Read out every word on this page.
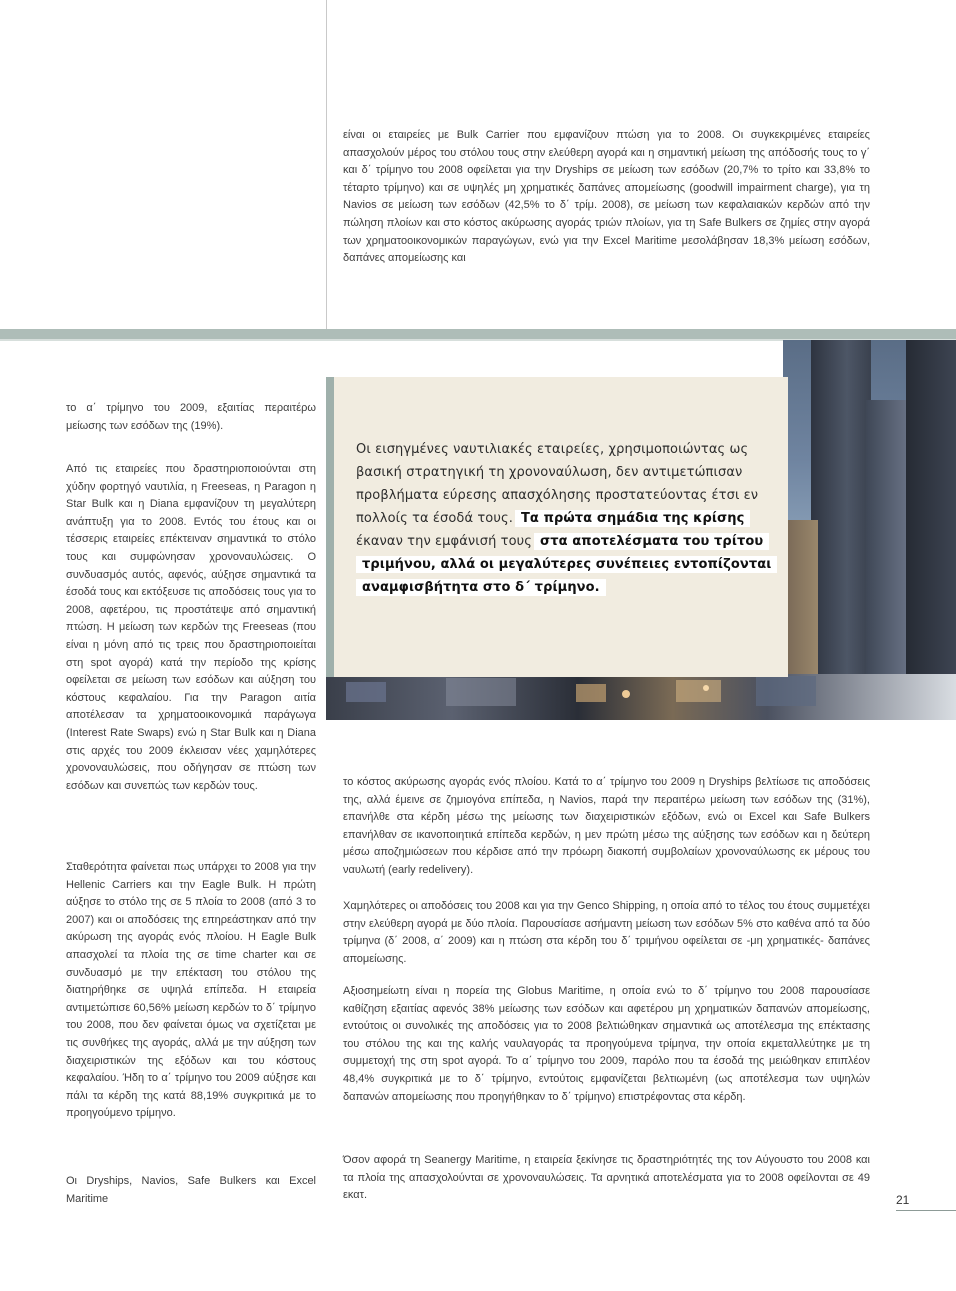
είναι οι εταιρείες με Bulk Carrier που εμφανίζουν πτώση για το 2008. Οι συγκεκριμένες εταιρείες απασχολούν μέρος του στόλου τους στην ελεύθερη αγορά και η σημαντική μείωση της απόδοσής τους το γ΄ και δ΄ τρίμηνο του 2008 οφείλεται για την Dryships σε μείωση των εσόδων (20,7% το τρίτο και 33,8% το τέταρτο τρίμηνο) και σε υψηλές μη χρηματικές δαπάνες απομείωσης (goodwill impairment charge), για τη Navios σε μείωση των εσόδων (42,5% το δ΄ τρίμ. 2008), σε μείωση των κεφαλαιακών κερδών από την πώληση πλοίων και στο κόστος ακύρωσης αγοράς τριών πλοίων, για τη Safe Bulkers σε ζημίες στην αγορά των χρηματοοικονομικών παραγώγων, ενώ για την Excel Maritime μεσολάβησαν 18,3% μείωση εσόδων, δαπάνες απομείωσης και

Οι εισηγμένες ναυτιλιακές εταιρείες, χρησιμοποιώντας ως
βασική στρατηγική τη χρονοναύλωση, δεν αντιμετώπισαν
προβλήματα εύρεσης απασχόλησης προστατεύοντας έτσι εν
πολλοίς τα έσοδά τους. Τα πρώτα σημάδια της κρίσης
έκαναν την εμφάνισή τους στα αποτελέσματα του τρίτου
τριμήνου, αλλά οι μεγαλύτερες συνέπειες εντοπίζονται
αναμφισβήτητα στο δ΄ τρίμηνο.

το α΄ τρίμηνο του 2009, εξαιτίας περαιτέρω μείωσης των εσόδων της (19%).

Από τις εταιρείες που δραστηριοποιούνται στη χύδην φορτηγό ναυτιλία, η Freeseas, η Paragon η Star Bulk και η Diana εμφανίζουν τη μεγαλύτερη ανάπτυξη για το 2008. Εντός του έτους και οι τέσσερις εταιρείες επέκτειναν σημαντικά το στόλο τους και συμφώνησαν χρονοναυλώσεις. Ο συνδυασμός αυτός, αφενός, αύξησε σημαντικά τα έσοδά τους και εκτόξευσε τις αποδόσεις τους για το 2008, αφετέρου, τις προστάτεψε από σημαντική πτώση. Η μείωση των κερδών της Freeseas (που είναι η μόνη από τις τρεις που δραστηριοποιείται στη spot αγορά) κατά την περίοδο της κρίσης οφείλεται σε μείωση των εσόδων και αύξηση του κόστους κεφαλαίου. Για την Paragon αιτία αποτέλεσαν τα χρηματοοικονομικά παράγωγα (Interest Rate Swaps) ενώ η Star Bulk και η Diana στις αρχές του 2009 έκλεισαν νέες χαμηλότερες χρονοναυλώσεις, που οδήγησαν σε πτώση των εσόδων και συνεπώς των κερδών τους.

Σταθερότητα φαίνεται πως υπάρχει το 2008 για την Hellenic Carriers και την Eagle Bulk. Η πρώτη αύξησε το στόλο της σε 5 πλοία το 2008 (από 3 το 2007) και οι αποδόσεις της επηρεάστηκαν από την ακύρωση της αγοράς ενός πλοίου. Η Eagle Bulk απασχολεί τα πλοία της σε time charter και σε συνδυασμό με την επέκταση του στόλου της διατηρήθηκε σε υψηλά επίπεδα. Η εταιρεία αντιμετώπισε 60,56% μείωση κερδών το δ΄ τρίμηνο του 2008, που δεν φαίνεται όμως να σχετίζεται με τις συνθήκες της αγοράς, αλλά με την αύξηση των διαχειριστικών της εξόδων και του κόστους κεφαλαίου. Ήδη το α΄ τρίμηνο του 2009 αύξησε και πάλι τα κέρδη της κατά 88,19% συγκριτικά με το προηγούμενο τρίμηνο.

Οι Dryships, Navios, Safe Bulkers και Excel Maritime

το κόστος ακύρωσης αγοράς ενός πλοίου. Κατά το α΄ τρίμηνο του 2009 η Dryships βελτίωσε τις αποδόσεις της, αλλά έμεινε σε ζημιογόνα επίπεδα, η Navios, παρά την περαιτέρω μείωση των εσόδων της (31%), επανήλθε στα κέρδη μέσω της μείωσης των διαχειριστικών εξόδων, ενώ οι Excel και Safe Bulkers επανήλθαν σε ικανοποιητικά επίπεδα κερδών, η μεν πρώτη μέσω της αύξησης των εσόδων και η δεύτερη μέσω αποζημιώσεων που κέρδισε από την πρόωρη διακοπή συμβολαίων χρονοναύλωσης εκ μέρους του ναυλωτή (early redelivery).

Χαμηλότερες οι αποδόσεις του 2008 και για την Genco Shipping, η οποία από το τέλος του έτους συμμετέχει στην ελεύθερη αγορά με δύο πλοία. Παρουσίασε ασήμαντη μείωση των εσόδων 5% στο καθένα από τα δύο τρίμηνα (δ΄ 2008, α΄ 2009) και η πτώση στα κέρδη του δ΄ τριμήνου οφείλεται σε -μη χρηματικές- δαπάνες απομείωσης.

Αξιοσημείωτη είναι η πορεία της Globus Maritime, η οποία ενώ το δ΄ τρίμηνο του 2008 παρουσίασε καθίζηση εξαιτίας αφενός 38% μείωσης των εσόδων και αφετέρου μη χρηματικών δαπανών απομείωσης, εντούτοις οι συνολικές της αποδόσεις για το 2008 βελτιώθηκαν σημαντικά ως αποτέλεσμα της επέκτασης του στόλου της και της καλής ναυλαγοράς τα προηγούμενα τρίμηνα, την οποία εκμεταλλεύτηκε με τη συμμετοχή της στη spot αγορά. Το α΄ τρίμηνο του 2009, παρόλο που τα έσοδά της μειώθηκαν επιπλέον 48,4% συγκριτικά με το δ΄ τρίμηνο, εντούτοις εμφανίζεται βελτιωμένη (ως αποτέλεσμα των υψηλών δαπανών απομείωσης που προηγήθηκαν το δ΄ τρίμηνο) επιστρέφοντας στα κέρδη.

Όσον αφορά τη Seanergy Maritime, η εταιρεία ξεκίνησε τις δραστηριότητές της τον Αύγουστο του 2008 και τα πλοία της απασχολούνται σε χρονοναυλώσεις. Τα αρνητικά αποτελέσματα για το 2008 οφείλονται σε 49 εκατ.	21
